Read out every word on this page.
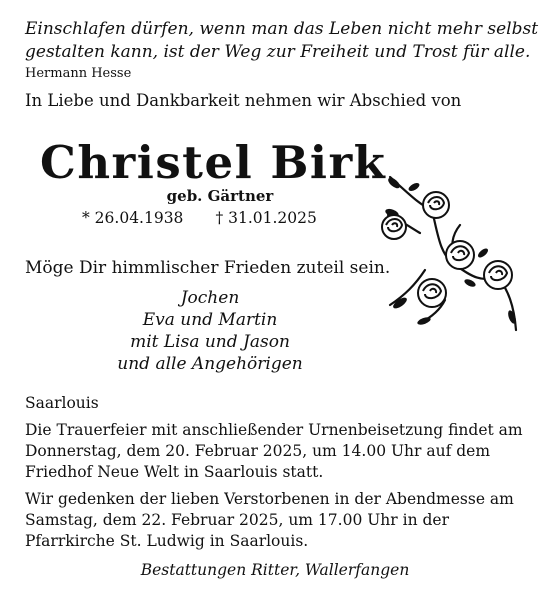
Einschlafen dürfen, wenn man das Leben nicht mehr selbst
gestalten kann, ist der Weg zur Freiheit und Trost für alle.
Hermann Hesse
In Liebe und Dankbarkeit nehmen wir Abschied von
Christel Birk
geb. Gärtner
* 26.04.1938 † 31.01.2025
Möge Dir himmlischer Frieden zuteil sein.
Jochen
Eva und Martin
mit Lisa und Jason
und alle Angehörigen
Saarlouis
Die Trauerfeier mit anschließender Urnenbeisetzung findet am
Donnerstag, dem 20. Februar 2025, um 14.00 Uhr auf dem
Friedhof Neue Welt in Saarlouis statt.
Wir gedenken der lieben Verstorbenen in der Abendmesse am
Samstag, dem 22. Februar 2025, um 17.00 Uhr in der
Pfarrkirche St. Ludwig in Saarlouis.
Bestattungen Ritter, Wallerfangen
